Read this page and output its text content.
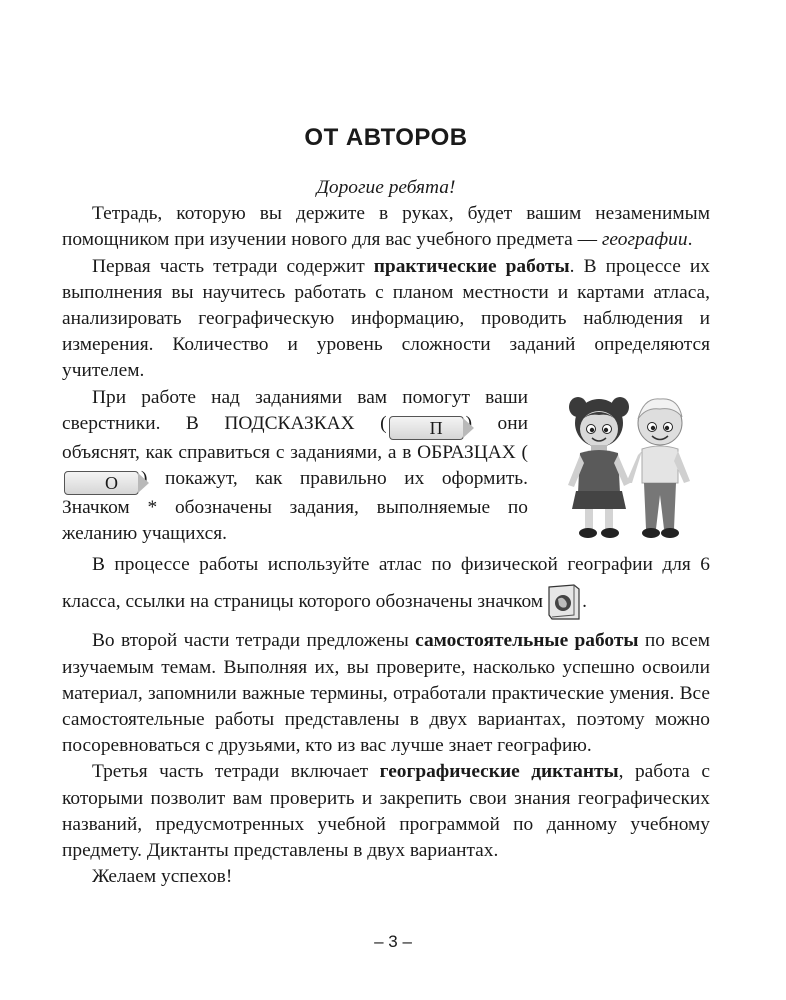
ОТ АВТОРОВ

Дорогие ребята!

Тетрадь, которую вы держите в руках, будет вашим незаменимым помощником при изучении нового для вас учебного предмета — географии.

Первая часть тетради содержит практические работы. В процессе их выполнения вы научитесь работать с планом местности и картами атласа, анализировать географическую информацию, проводить наблюдения и измерения. Количество и уровень сложности заданий определяются учителем.

При работе над заданиями вам помогут ваши сверстники. В ПОДСКАЗКАХ ( П ) они объяснят, как справиться с заданиями, а в ОБРАЗЦАХ (О ) покажут, как правильно их оформить. Значком * обозначены задания, выполняемые по желанию учащихся.

В процессе работы используйте атлас по физической географии для 6 класса, ссылки на страницы которого обозначены значком .

Во второй части тетради предложены самостоятельные работы по всем изучаемым темам. Выполняя их, вы проверите, насколько успешно освоили материал, запомнили важные термины, отработали практические умения. Все самостоятельные работы представлены в двух вариантах, поэтому можно посоревноваться с друзьями, кто из вас лучше знает географию.

Третья часть тетради включает географические диктанты, работа с которыми позволит вам проверить и закрепить свои знания географических названий, предусмотренных учебной программой по данному учебному предмету. Диктанты представлены в двух вариантах.

Желаем успехов!

– 3 –
